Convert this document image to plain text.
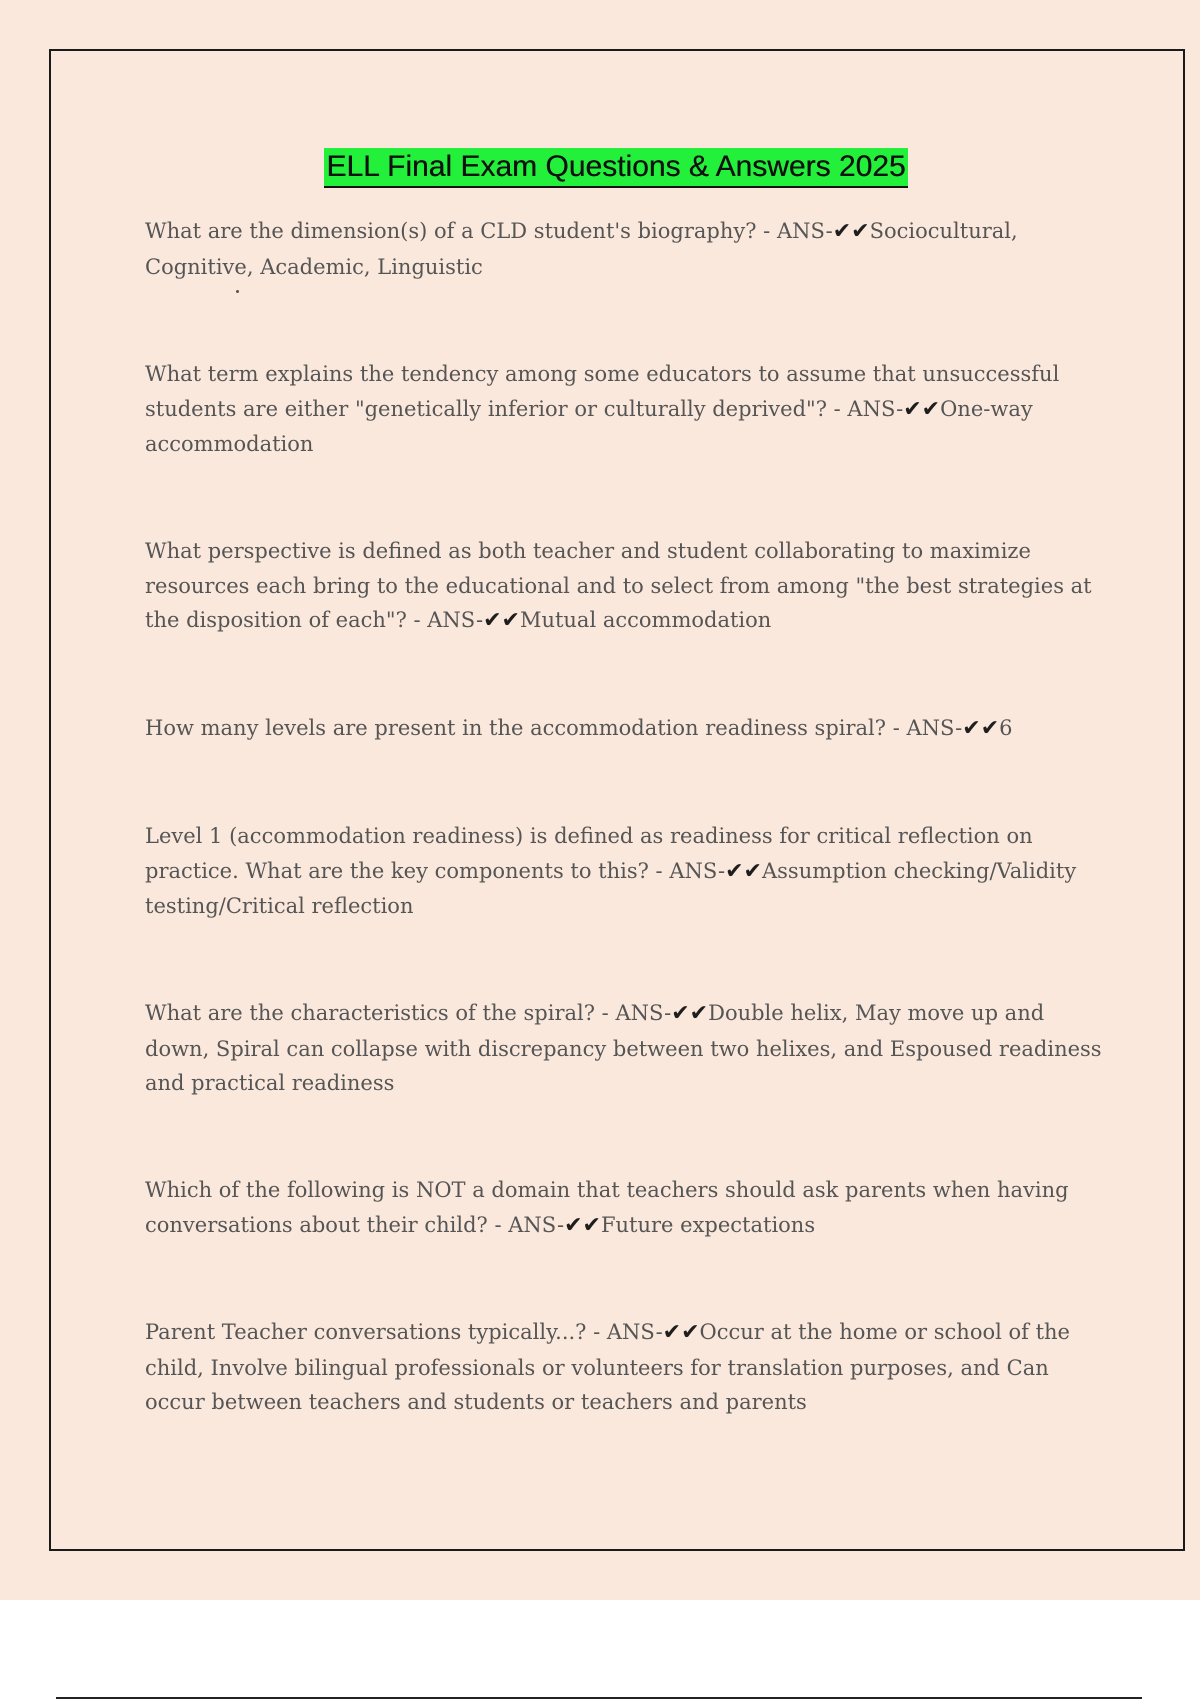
ELL Final Exam Questions & Answers 2025

What are the dimension(s) of a CLD student's biography? - ANS-✔✔Sociocultural, Cognitive, Academic, Linguistic

What term explains the tendency among some educators to assume that unsuccessful students are either "genetically inferior or culturally deprived"? - ANS-✔✔One-way accommodation

What perspective is defined as both teacher and student collaborating to maximize resources each bring to the educational and to select from among "the best strategies at the disposition of each"? - ANS-✔✔Mutual accommodation

How many levels are present in the accommodation readiness spiral? - ANS-✔✔6

Level 1 (accommodation readiness) is defined as readiness for critical reflection on practice. What are the key components to this? - ANS-✔✔Assumption checking/Validity testing/Critical reflection

What are the characteristics of the spiral? - ANS-✔✔Double helix, May move up and down, Spiral can collapse with discrepancy between two helixes, and Espoused readiness and practical readiness

Which of the following is NOT a domain that teachers should ask parents when having conversations about their child? - ANS-✔✔Future expectations

Parent Teacher conversations typically...? - ANS-✔✔Occur at the home or school of the child, Involve bilingual professionals or volunteers for translation purposes, and Can occur between teachers and students or teachers and parents
